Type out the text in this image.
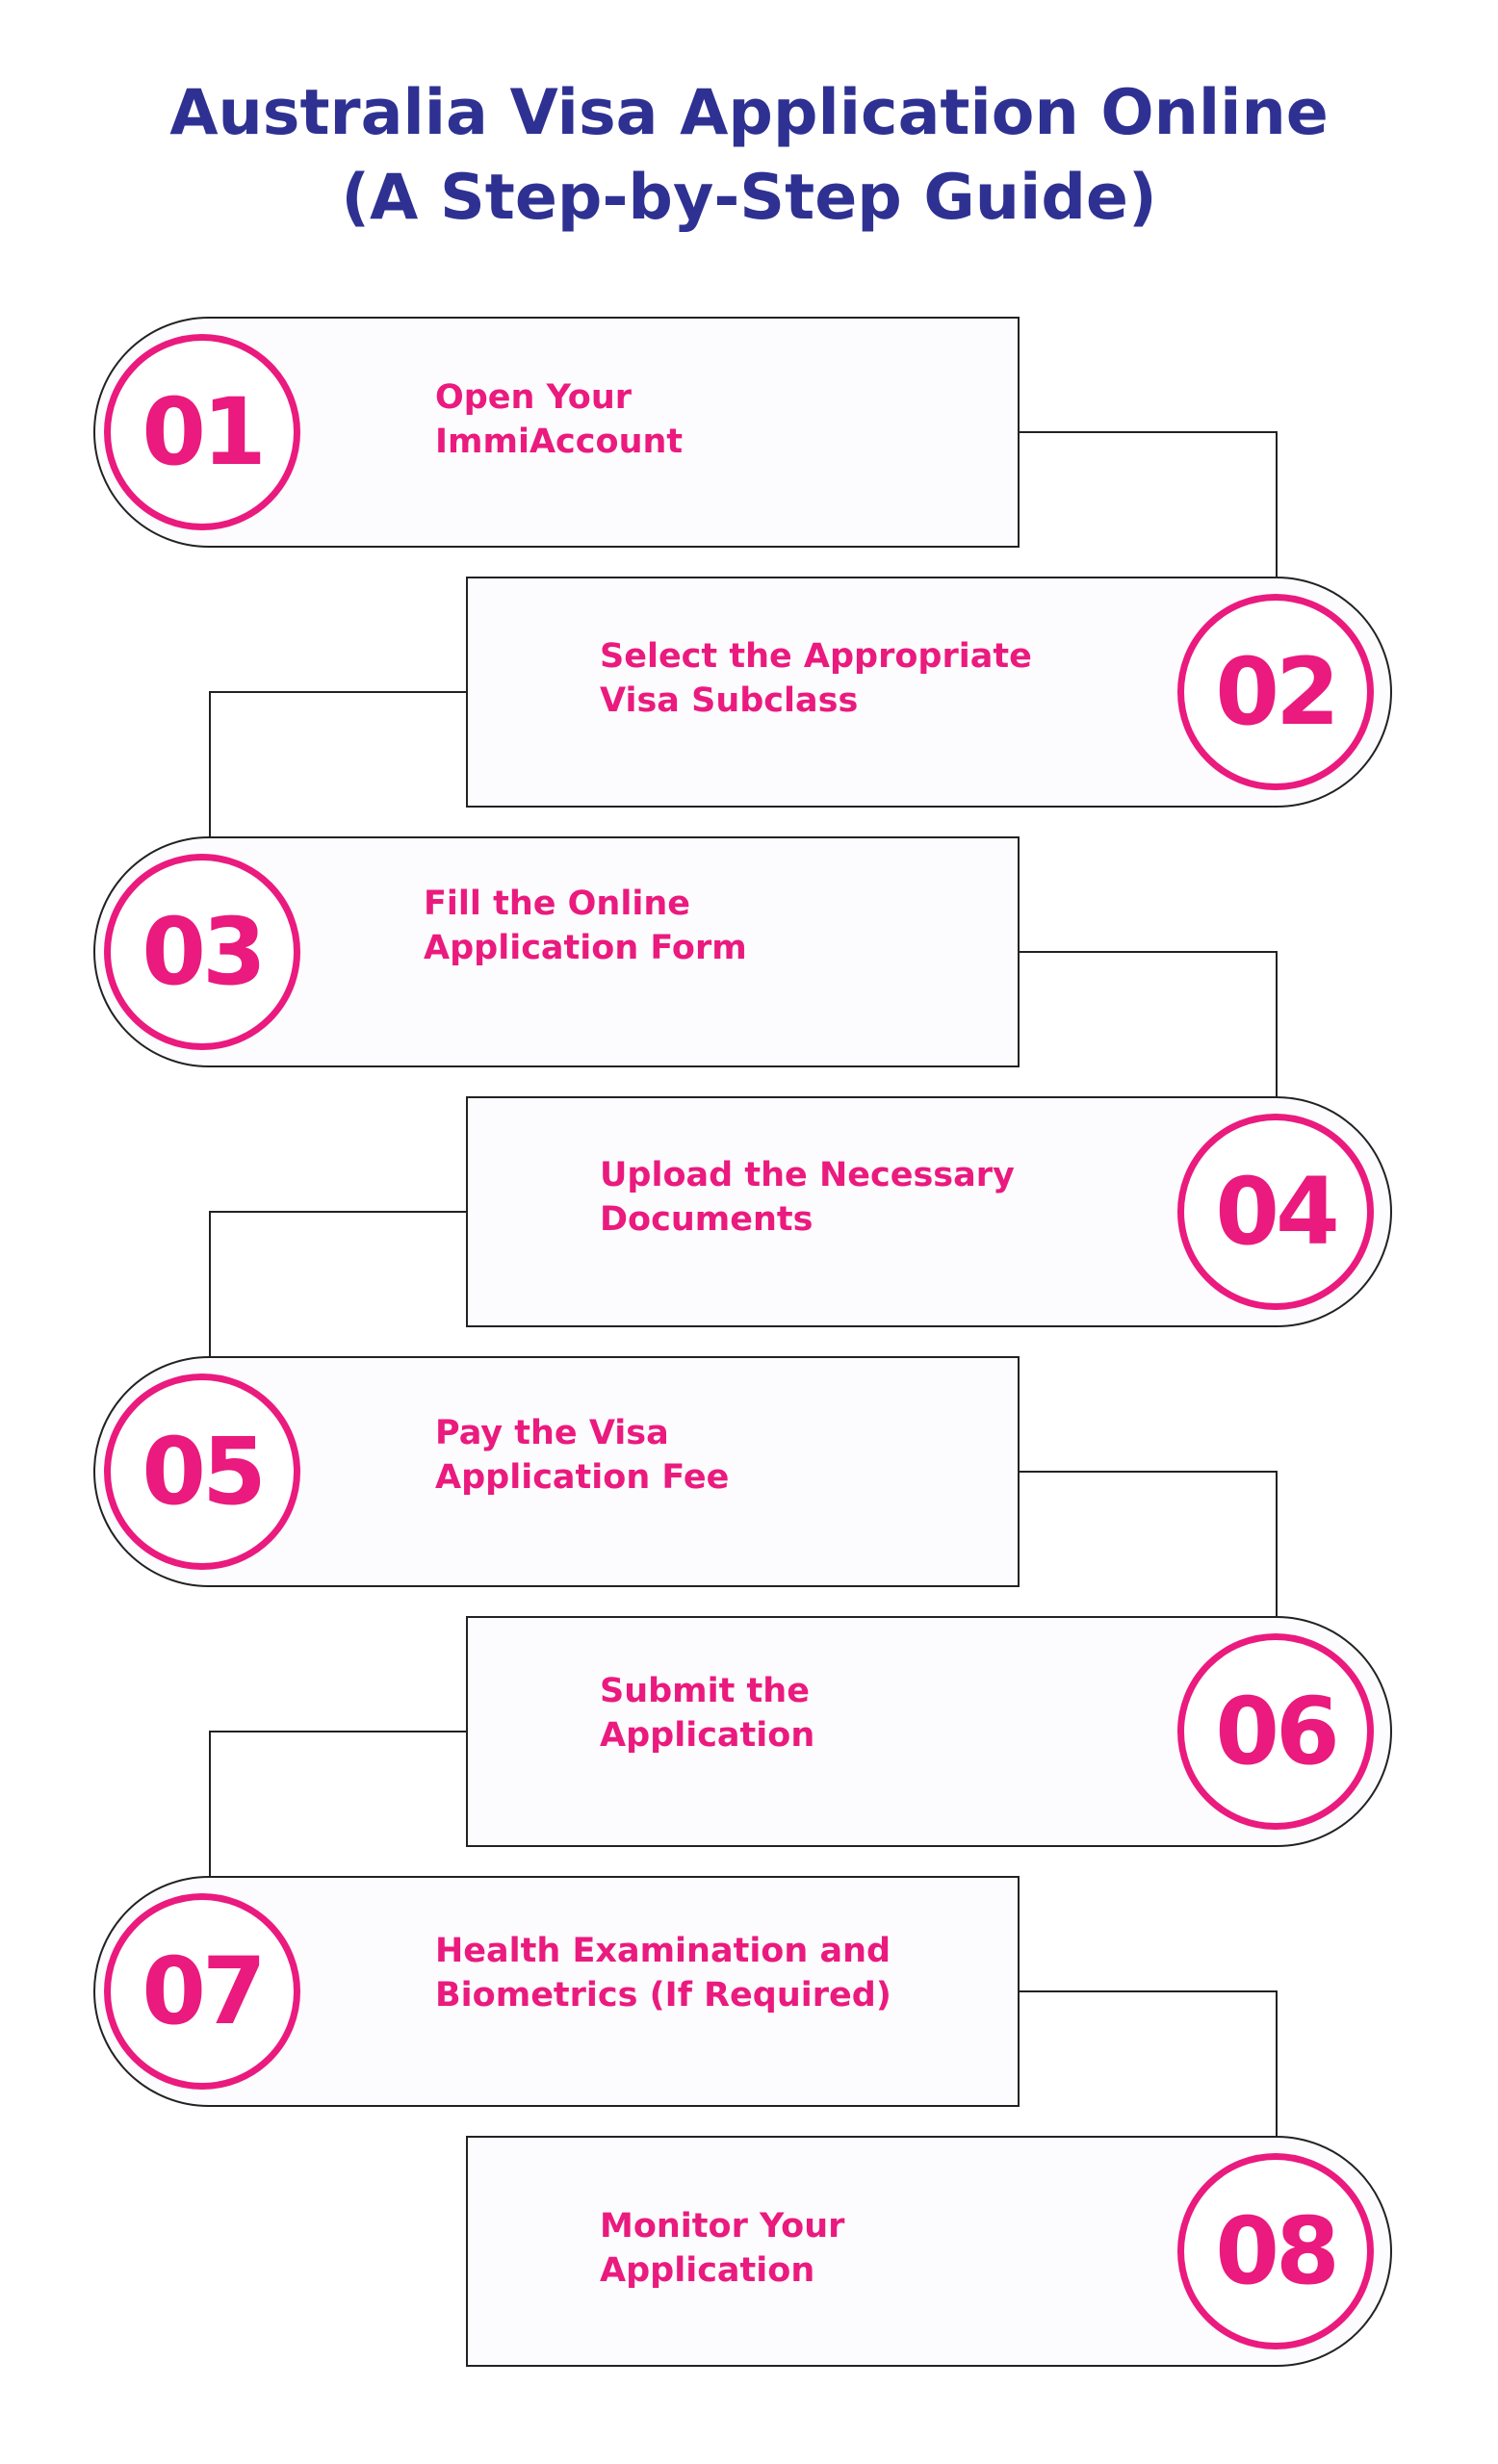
Australia Visa Application Online
(A Step-by-Step Guide)
01	Open Your
ImmiAccount
02
Select the Appropriate
Visa Subclass
03	Fill the Online
Application Form
04
Upload the Necessary
Documents
05	Pay the Visa
Application Fee
06
Submit the
Application
07	Health Examination and
Biometrics (If Required)
08
Monitor Your
Application
